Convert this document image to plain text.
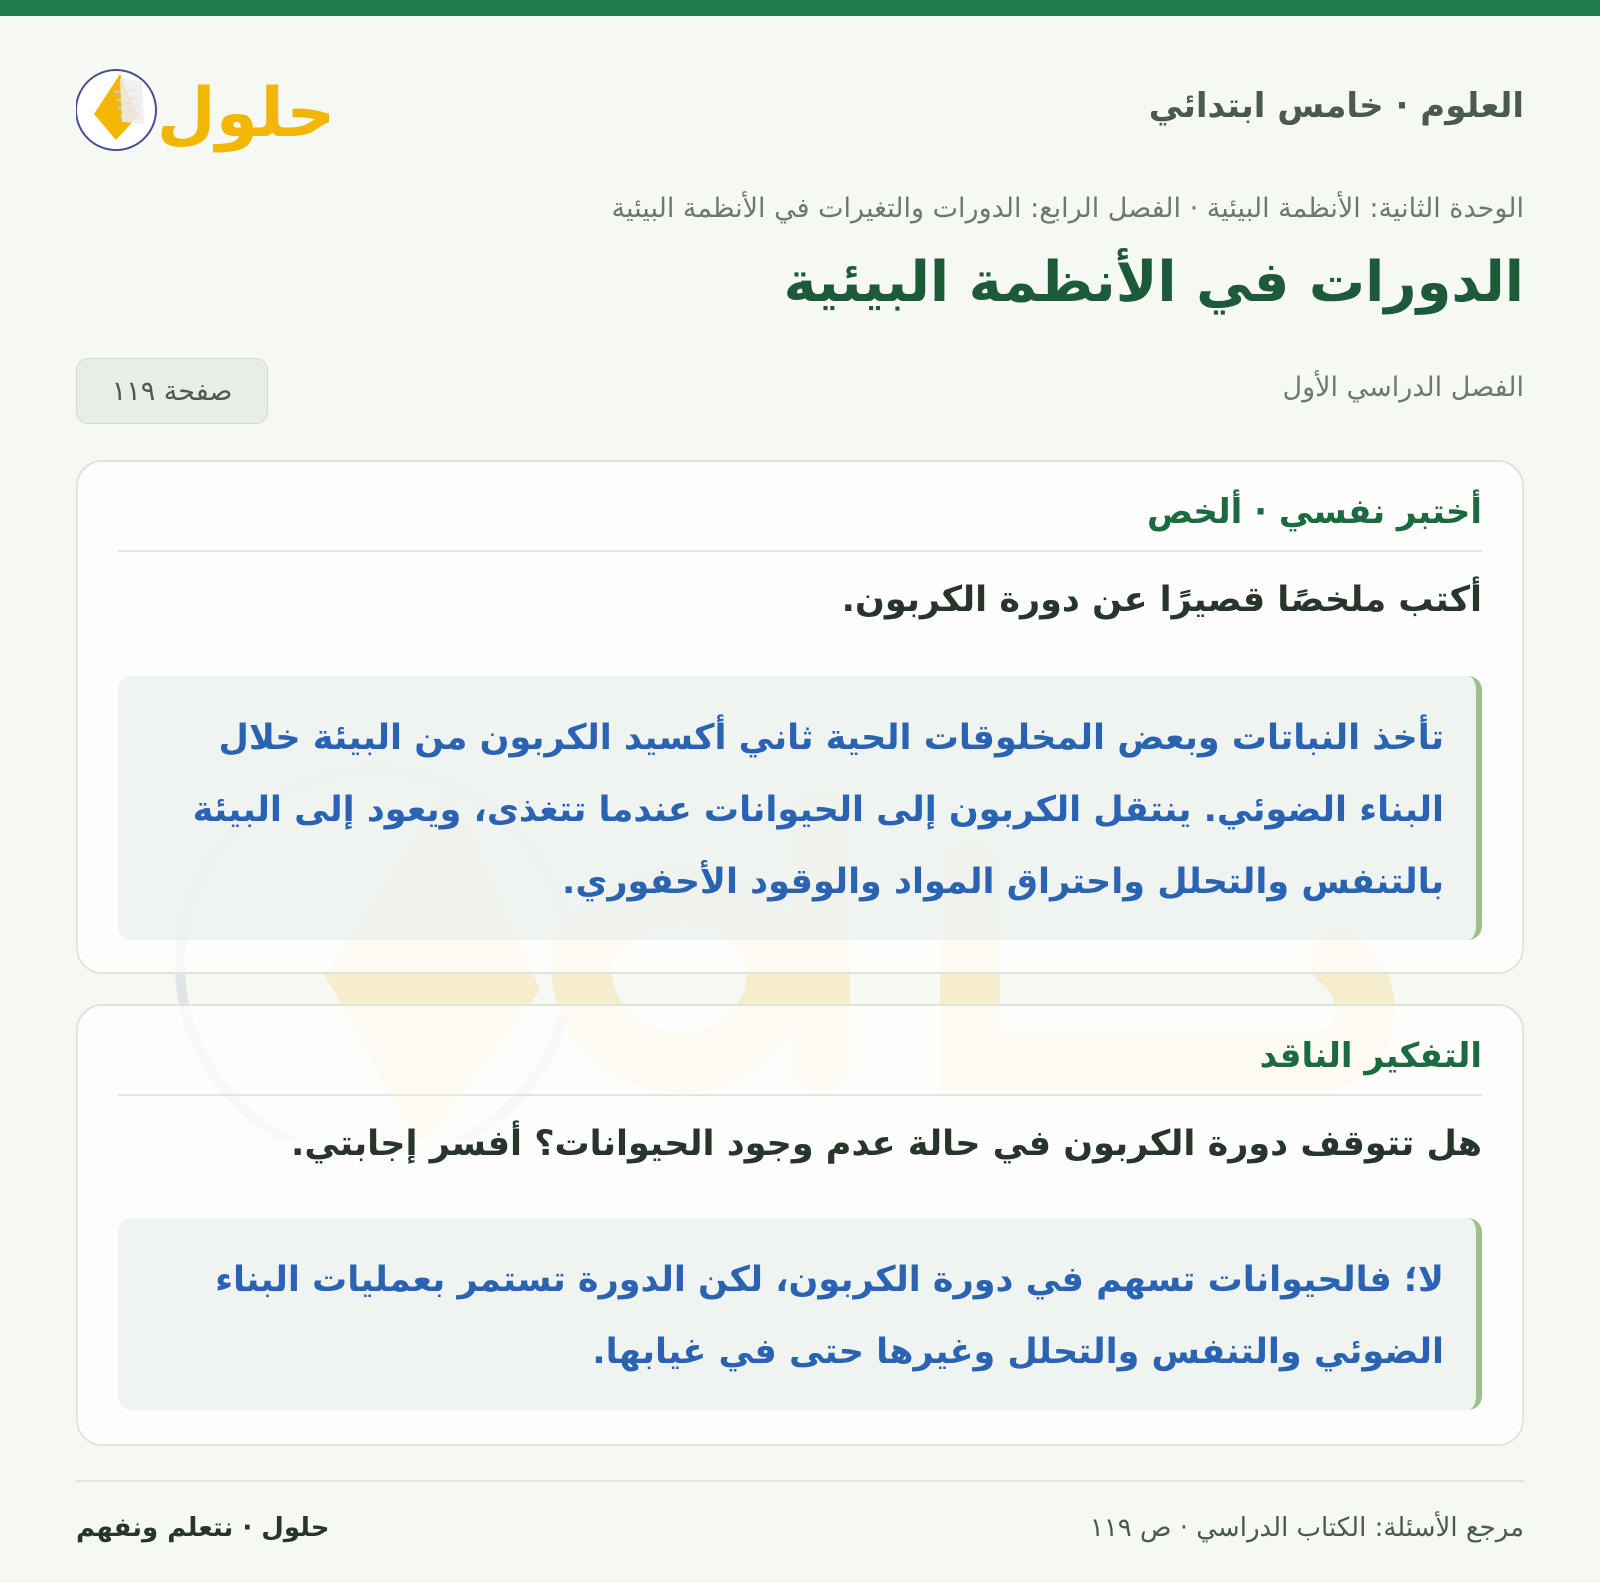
العلوم · خامس ابتدائي
حلول
الوحدة الثانية: الأنظمة البيئية · الفصل الرابع: الدورات والتغيرات في الأنظمة البيئية
الدورات في الأنظمة البيئية
الفصل الدراسي الأول
صفحة ١١٩
أختبر نفسي · ألخص

أكتب ملخصًا قصيرًا عن دورة الكربون.

تأخذ النباتات وبعض المخلوقات الحية ثاني أكسيد الكربون من البيئة خلال البناء الضوئي. ينتقل الكربون إلى الحيوانات عندما تتغذى، ويعود إلى البيئة بالتنفس والتحلل واحتراق المواد والوقود الأحفوري.
التفكير الناقد

هل تتوقف دورة الكربون في حالة عدم وجود الحيوانات؟ أفسر إجابتي.

لا؛ فالحيوانات تسهم في دورة الكربون، لكن الدورة تستمر بعمليات البناء الضوئي والتنفس والتحلل وغيرها حتى في غيابها.
مرجع الأسئلة: الكتاب الدراسي · ص ١١٩
حلول · نتعلم ونفهم
